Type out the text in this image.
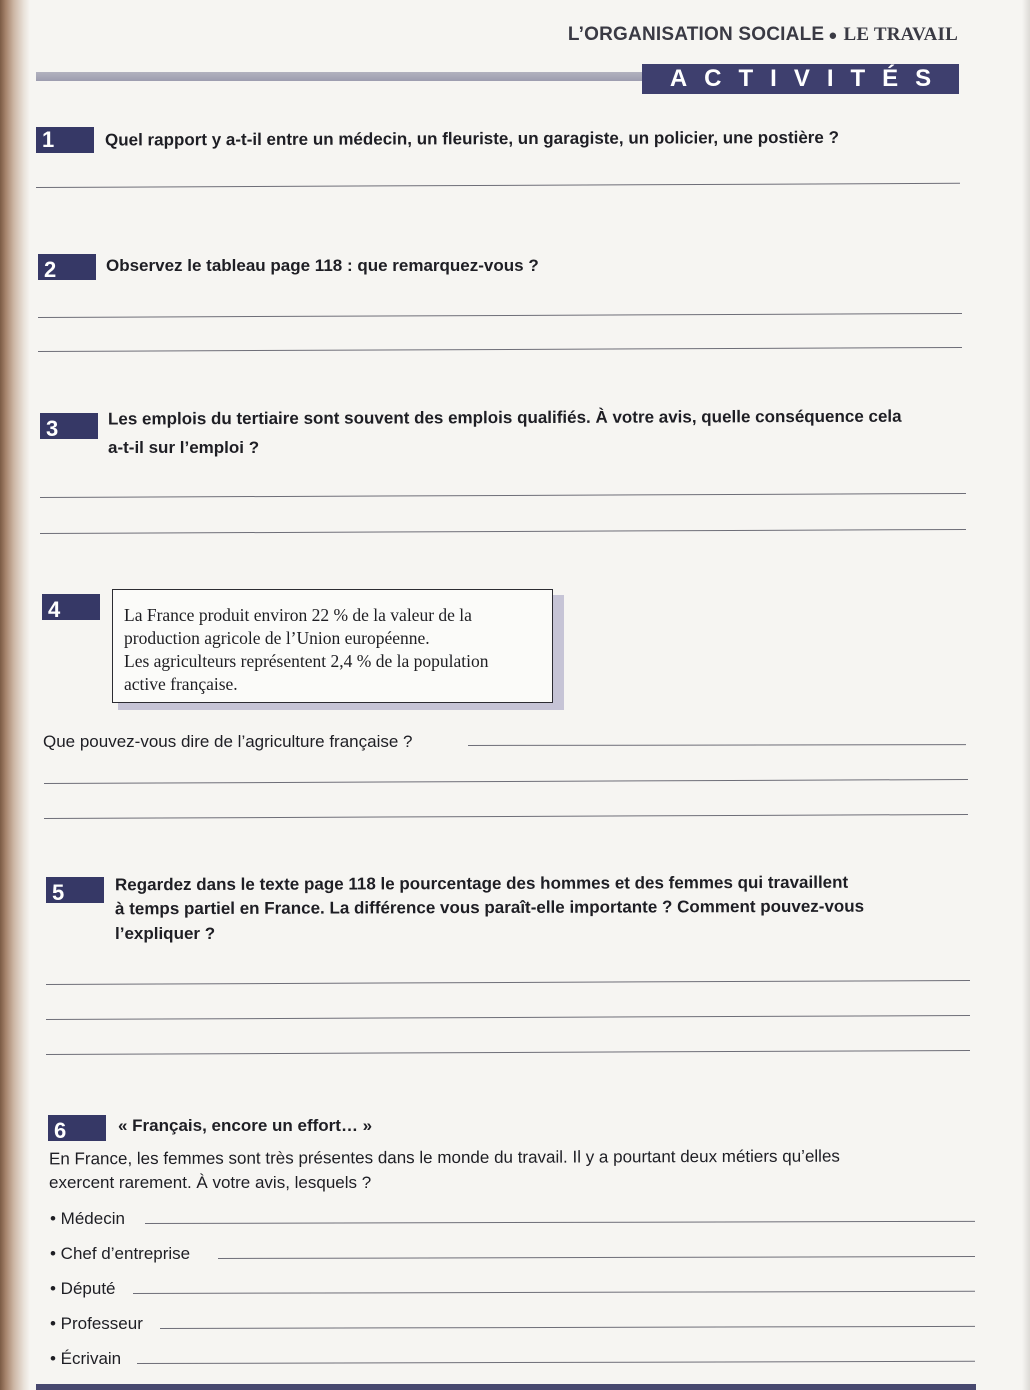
L’ORGANISATION SOCIALE ● LE TRAVAIL
ACTIVITÉS
1	Quel rapport y a-t-il entre un médecin, un fleuriste, un garagiste, un policier, une postière ?
2	Observez le tableau page 118 : que remarquez-vous ?
3	Les emplois du tertiaire sont souvent des emplois qualifiés. À votre avis, quelle conséquence cela
a-t-il sur l’emploi ?
4	La France produit environ 22 % de la valeur de la

production agricole de l’Union européenne.

Les agriculteurs représentent 2,4 % de la population

active française.

Que pouvez-vous dire de l’agriculture française ?
5	Regardez dans le texte page 118 le pourcentage des hommes et des femmes qui travaillent
à temps partiel en France. La différence vous paraît-elle importante ? Comment pouvez-vous
l’expliquer ?
6	« Français, encore un effort… »
En France, les femmes sont très présentes dans le monde du travail. Il y a pourtant deux métiers qu’elles
exercent rarement. À votre avis, lesquels ?
• Médecin
• Chef d’entreprise
• Député
• Professeur
• Écrivain
